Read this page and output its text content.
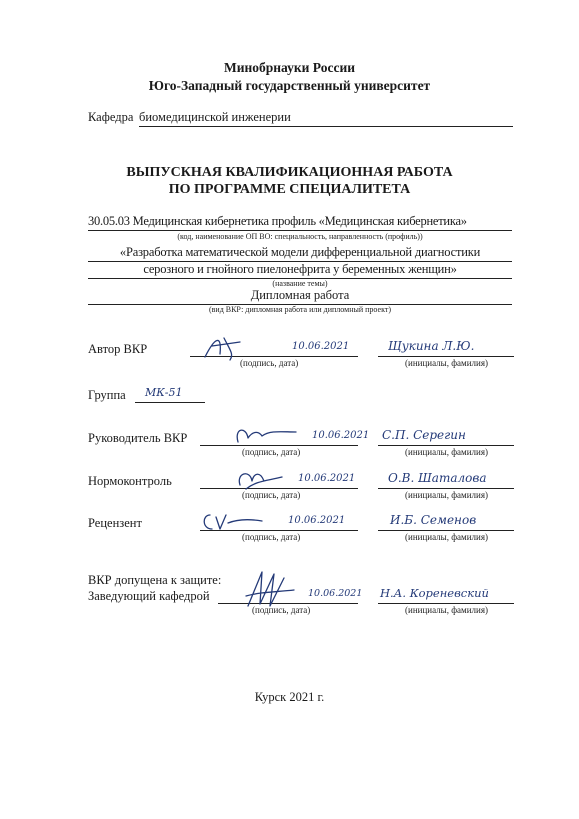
Минобрнауки России
Юго-Западный государственный университет
Кафедра биомедицинской инженерии
ВЫПУСКНАЯ КВАЛИФИКАЦИОННАЯ РАБОТА
ПО ПРОГРАММЕ СПЕЦИАЛИТЕТА
30.05.03 Медицинская кибернетика профиль «Медицинская кибернетика»
(код, наименование ОП ВО: специальность, направленность (профиль))
«Разработка математической модели дифференциальной диагностики
серозного и гнойного пиелонефрита у беременных женщин»
(название темы)
Дипломная работа
(вид ВКР: дипломная работа или дипломный проект)
Автор ВКР	10.06.2021	Щукина Л.Ю.
(подпись, дата)	(инициалы, фамилия)
Группа МК-51
Руководитель ВКР	10.06.2021 С.П. Серегин
(подпись, дата)	(инициалы, фамилия)
Нормоконтроль	10.06.2021	О.В. Шаталова
(подпись, дата)	(инициалы, фамилия)
Рецензент	10.06.2021	И.Б. Семенов
(подпись, дата)	(инициалы, фамилия)
ВКР допущена к защите:
Заведующий кафедрой	10.06.2021 Н.А. Кореневский
(подпись, дата)	(инициалы, фамилия)
Курск 2021 г.
